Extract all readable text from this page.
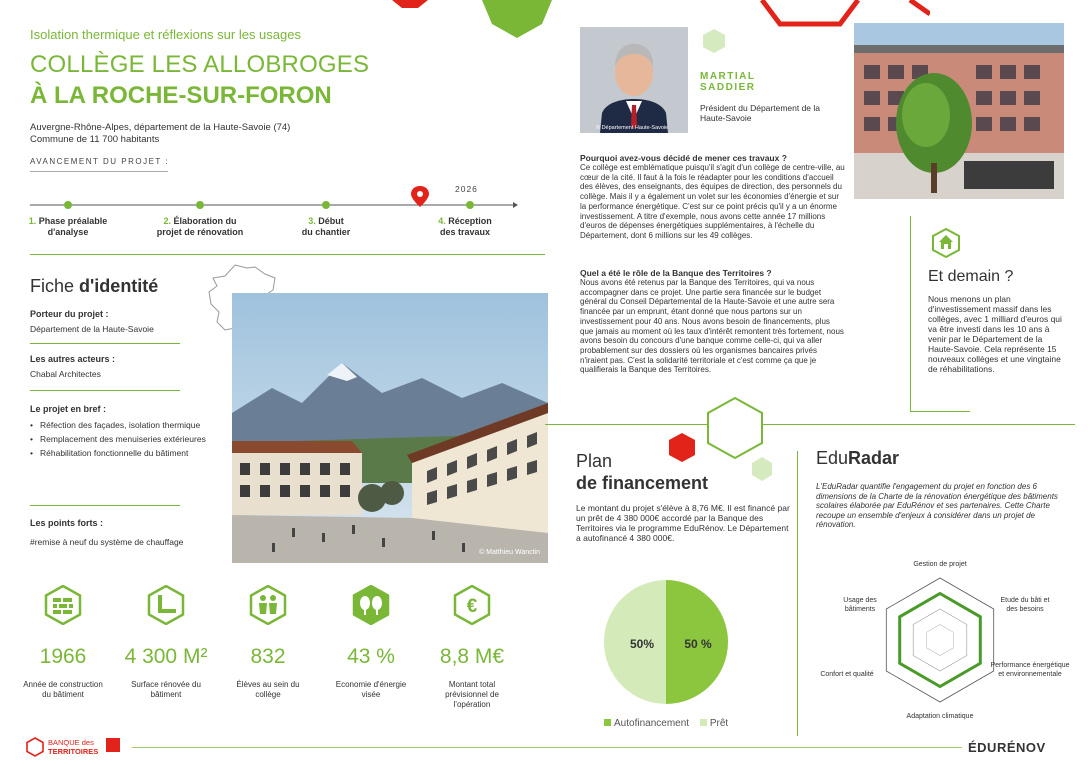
Isolation thermique et réflexions sur les usages
COLLÈGE LES ALLOBROGES
À LA ROCHE-SUR-FORON
Auvergne-Rhône-Alpes, département de la Haute-Savoie (74)
Commune de 11 700 habitants
AVANCEMENT DU PROJET :
2026
1. Phase préalable
d'analyse
2. Élaboration du
projet de rénovation
3. Début
du chantier
4. Réception
des travaux
Fiche d'identité
Porteur du projet :
Département de la Haute-Savoie
Les autres acteurs :
Chabal Architectes
Le projet en bref :
• Réfection des façades, isolation thermique
• Remplacement des menuiseries extérieures
• Réhabilitation fonctionnelle du bâtiment
Les points forts :
#remise à neuf du système de chauffage
© Matthieu Wanctin
€
1966	4 300 M²	832	43 %	8,8 M€
Année de construction du bâtiment
Surface rénovée du bâtiment
Élèves au sein du collège
Economie d'énergie visée
Montant total prévisionnel de l'opération
© Département Haute-Savoie
MARTIAL
SADDIER
Président du Département de la Haute-Savoie
Pourquoi avez-vous décidé de mener ces travaux ?
Ce collège est emblématique puisqu'il s'agit d'un collège de centre-ville, au cœur de la cité. Il faut à la fois le réadapter pour les conditions d'accueil des élèves, des enseignants, des équipes de direction, des personnels du collège. Mais il y a également un volet sur les économies d'énergie et sur la performance énergétique. C'est sur ce point précis qu'il y a un énorme investissement. A titre d'exemple, nous avons cette année 17 millions d'euros de dépenses énergétiques supplémentaires, à l'échelle du Département, dont 6 millions sur les 49 collèges.
Quel a été le rôle de la Banque des Territoires ?
Nous avons été retenus par la Banque des Territoires, qui va nous accompagner dans ce projet. Une partie sera financée sur le budget général du Conseil Départemental de la Haute-Savoie et une autre sera financée par un emprunt, étant donné que nous partons sur un investissement pour 40 ans. Nous avons besoin de financements, plus que jamais au moment où les taux d'intérêt remontent très fortement, nous avons besoin du concours d'une banque comme celle-ci, qui va aller probablement sur des dossiers où les organismes bancaires privés n'iraient pas. C'est la solidarité territoriale et c'est comme ça que je qualifierais la Banque des Territoires.
Et demain ?
Nous menons un plan d'investissement massif dans les collèges, avec 1 milliard d'euros qui va être investi dans les 10 ans à venir par le Département de la Haute-Savoie. Cela représente 15 nouveaux collèges et une vingtaine de réhabilitations.
Plan
de financement
Le montant du projet s'élève à 8,76 M€. Il est financé par un prêt de 4 380 000€ accordé par la Banque des Territoires via le programme EduRénov. Le Département a autofinancé 4 380 000€.
50 %
50%
Autofinancement Prêt
EduRadar
L'EduRadar quantifie l'engagement du projet en fonction des 6 dimensions de la Charte de la rénovation énergétique des bâtiments scolaires élaborée par EduRénov et ses partenaires. Cette Charte recoupe un ensemble d'enjeux à considérer dans un projet de rénovation.
Gestion de projet
Etude du bâti et des besoins
Performance énergétique et environnementale
Adaptation climatique
Confort et qualité
Usage des bâtiments
BANQUE des
TERRITOIRES	ÉDURÉNOV
